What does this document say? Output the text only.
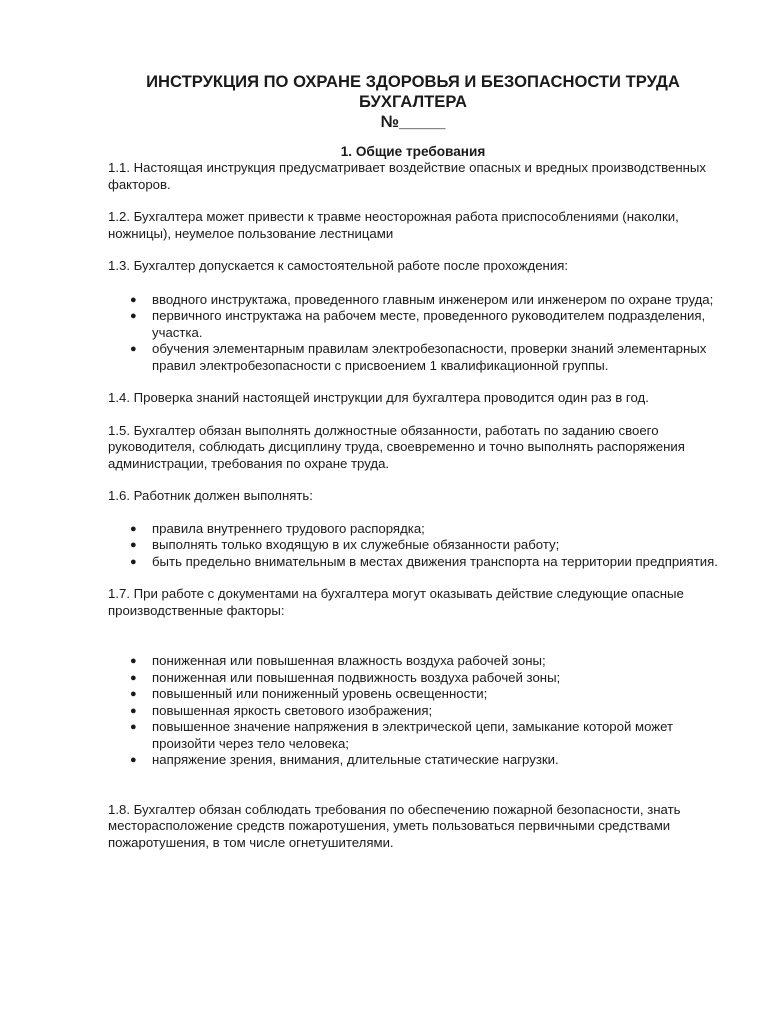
ИНСТРУКЦИЯ ПО ОХРАНЕ ЗДОРОВЬЯ И БЕЗОПАСНОСТИ ТРУДА
БУХГАЛТЕРА
№_____
1. Общие требования

1.1. Настоящая инструкция предусматривает воздействие опасных и вредных производственных факторов.

1.2. Бухгалтера может привести к травме неосторожная работа приспособлениями (наколки, ножницы), неумелое пользование лестницами

1.3. Бухгалтер допускается к самостоятельной работе после прохождения:

● вводного инструктажа, проведенного главным инженером или инженером по охране труда;
● первичного инструктажа на рабочем месте, проведенного руководителем подразделения, участка.
● обучения элементарным правилам электробезопасности, проверки знаний элементарных правил электробезопасности с присвоением 1 квалификационной группы.

1.4. Проверка знаний настоящей инструкции для бухгалтера проводится один раз в год.

1.5. Бухгалтер обязан выполнять должностные обязанности, работать по заданию своего руководителя, соблюдать дисциплину труда, своевременно и точно выполнять распоряжения администрации, требования по охране труда.

1.6. Работник должен выполнять:

● правила внутреннего трудового распорядка;
● выполнять только входящую в их служебные обязанности работу;
● быть предельно внимательным в местах движения транспорта на территории предприятия.

1.7. При работе с документами на бухгалтера могут оказывать действие следующие опасные производственные факторы:

● пониженная или повышенная влажность воздуха рабочей зоны;
● пониженная или повышенная подвижность воздуха рабочей зоны;
● повышенный или пониженный уровень освещенности;
● повышенная яркость светового изображения;
● повышенное значение напряжения в электрической цепи, замыкание которой может произойти через тело человека;
● напряжение зрения, внимания, длительные статические нагрузки.

1.8. Бухгалтер обязан соблюдать требования по обеспечению пожарной безопасности, знать месторасположение средств пожаротушения, уметь пользоваться первичными средствами пожаротушения, в том числе огнетушителями.
